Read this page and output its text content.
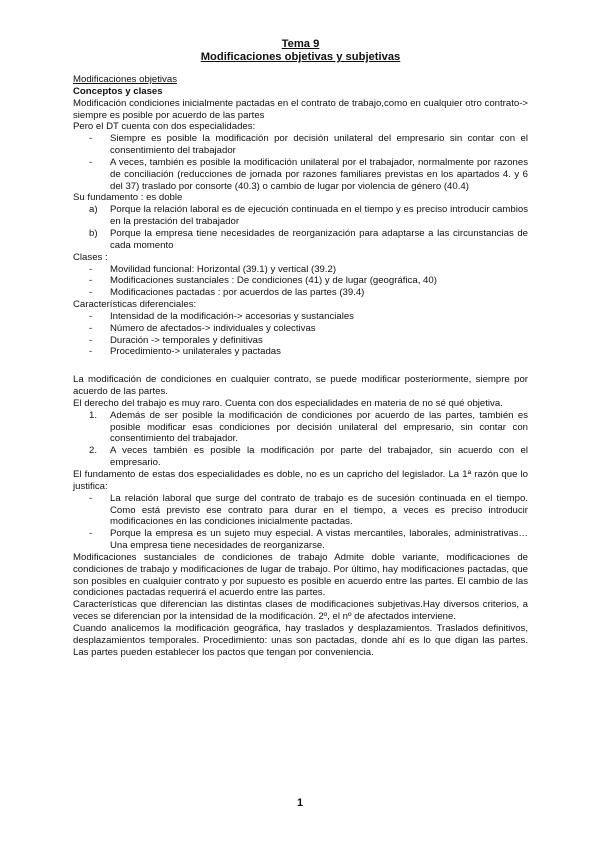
Tema 9
Modificaciones objetivas y subjetivas
Modificaciones objetivas
Conceptos y clases
Modificación condiciones inicialmente pactadas en el contrato de trabajo,como en cualquier otro contrato-> siempre es posible por acuerdo de las partes
Pero el DT cuenta con dos especialidades:
-	Siempre es posible la modificación por decisión unilateral del empresario sin contar con el consentimiento del trabajador
-	A veces, también es posible la modificación unilateral por el trabajador, normalmente por razones de conciliación (reducciones de jornada por razones familiares previstas en los apartados 4. y 6 del 37) traslado por consorte (40.3) o cambio de lugar por violencia de género (40.4)
Su fundamento : es doble
a)	Porque la relación laboral es de ejecución continuada en el tiempo y es preciso introducir cambios en la prestación del trabajador
b)	Porque la empresa tiene necesidades de reorganización para adaptarse a las circunstancias de cada momento
Clases :
-	Movilidad funcional: Horizontal (39.1) y vertical (39.2)
-	Modificaciones sustanciales : De condiciones (41) y de lugar (geográfica, 40)
-	Modificaciones pactadas : por acuerdos de las partes (39.4)
Características diferenciales:
-	Intensidad de la modificación-> accesorias y sustanciales
-	Número de afectados-> individuales y colectivas
-	Duración -> temporales y definitivas
-	Procedimiento-> unilaterales y pactadas
La modificación de condiciones en cualquier contrato, se puede modificar posteriormente, siempre por acuerdo de las partes.
El derecho del trabajo es muy raro. Cuenta con dos especialidades en materia de no sé qué objetiva.
1.	Además de ser posible la modificación de condiciones por acuerdo de las partes, también es posible modificar esas condiciones por decisión unilateral del empresario, sin contar con consentimiento del trabajador.
2.	A veces también es posible la modificación por parte del trabajador, sin acuerdo con el empresario.
El fundamento de estas dos especialidades es doble, no es un capricho del legislador. La 1ª razón que lo justifica:
-	La relación laboral que surge del contrato de trabajo es de sucesión continuada en el tiempo. Como está previsto ese contrato para durar en el tiempo, a veces es preciso introducir modificaciones en las condiciones inicialmente pactadas.
-	Porque la empresa es un sujeto muy especial. A vistas mercantiles, laborales, administrativas… Una empresa tiene necesidades de reorganizarse.
Modificaciones sustanciales de condiciones de trabajo Admite doble variante, modificaciones de condiciones de trabajo y modificaciones de lugar de trabajo. Por último, hay modificaciones pactadas, que son posibles en cualquier contrato y por supuesto es posible en acuerdo entre las partes. El cambio de las condiciones pactadas requerirá el acuerdo entre las partes.
Características que diferencian las distintas clases de modificaciones subjetivas.Hay diversos criterios, a veces se diferencian por la intensidad de la modificación. 2º, el nº de afectados interviene.
Cuando analicemos la modificación geográfica, hay traslados y desplazamientos. Traslados definitivos, desplazamientos temporales. Procedimiento: unas son pactadas, donde ahí es lo que digan las partes. Las partes pueden establecer los pactos que tengan por conveniencia.
1
